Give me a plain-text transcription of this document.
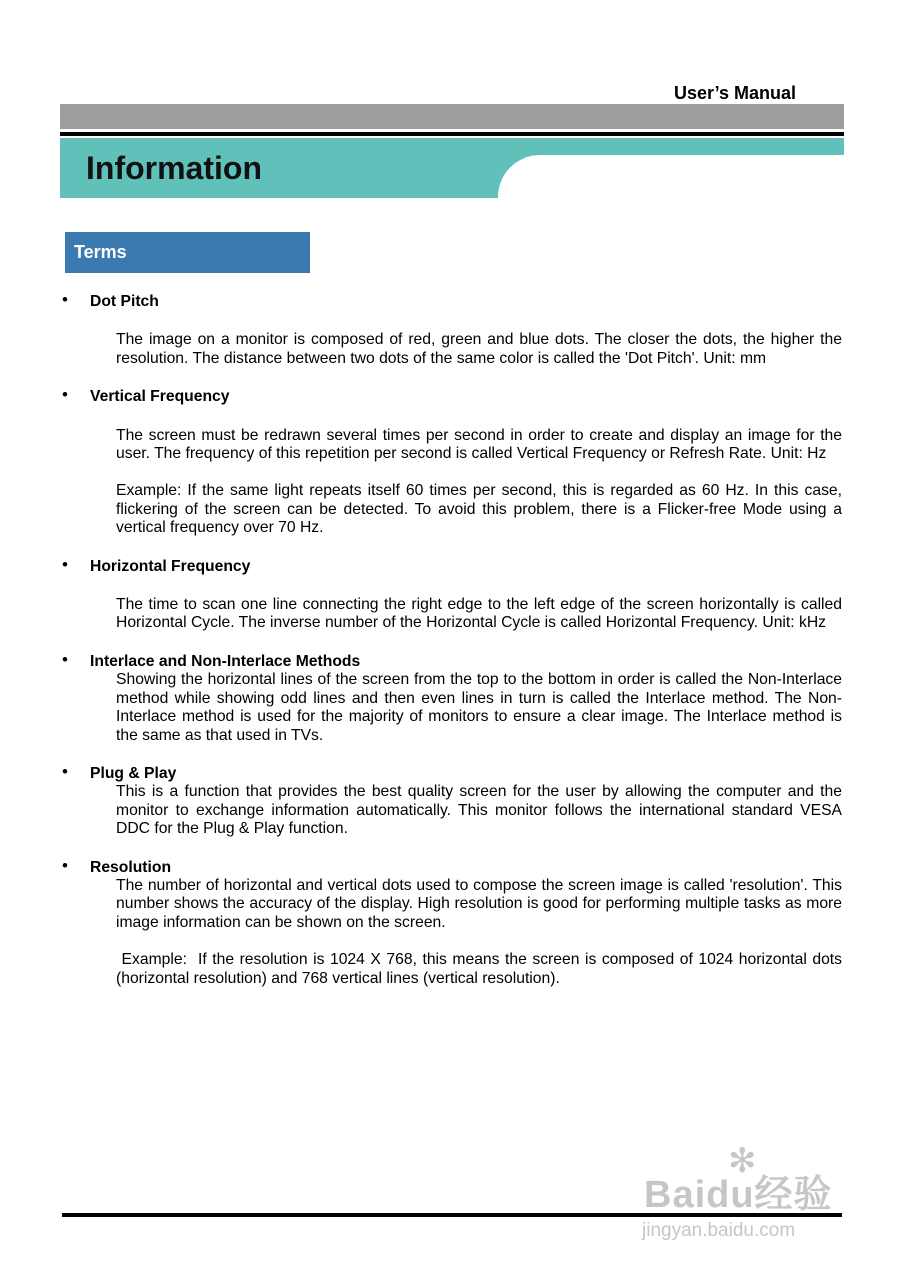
User’s Manual
Information
Terms
• Dot Pitch
The image on a monitor is composed of red, green and blue dots. The closer the dots, the higher the resolution. The distance between two dots of the same color is called the 'Dot Pitch'. Unit: mm
• Vertical Frequency
The screen must be redrawn several times per second in order to create and display an image for the user. The frequency of this repetition per second is called Vertical Frequency or Refresh Rate. Unit: Hz
Example: If the same light repeats itself 60 times per second, this is regarded as 60 Hz. In this case, flickering of the screen can be detected. To avoid this problem, there is a Flicker-free Mode using a vertical frequency over 70 Hz.
• Horizontal Frequency
The time to scan one line connecting the right edge to the left edge of the screen horizontally is called Horizontal Cycle. The inverse number of the Horizontal Cycle is called Horizontal Frequency. Unit: kHz
• Interlace and Non-Interlace Methods
Showing the horizontal lines of the screen from the top to the bottom in order is called the Non-Interlace method while showing odd lines and then even lines in turn is called the Interlace method. The Non-Interlace method is used for the majority of monitors to ensure a clear image. The Interlace method is the same as that used in TVs.
• Plug & Play
This is a function that provides the best quality screen for the user by allowing the computer and the monitor to exchange information automatically. This monitor follows the international standard VESA DDC for the Plug & Play function.
• Resolution
The number of horizontal and vertical dots used to compose the screen image is called 'resolution'. This number shows the accuracy of the display. High resolution is good for performing multiple tasks as more image information can be shown on the screen.
Example:  If the resolution is 1024 X 768, this means the screen is composed of 1024 horizontal dots (horizontal resolution) and 768 vertical lines (vertical resolution).
✻
Baidu经验
jingyan.baidu.com
